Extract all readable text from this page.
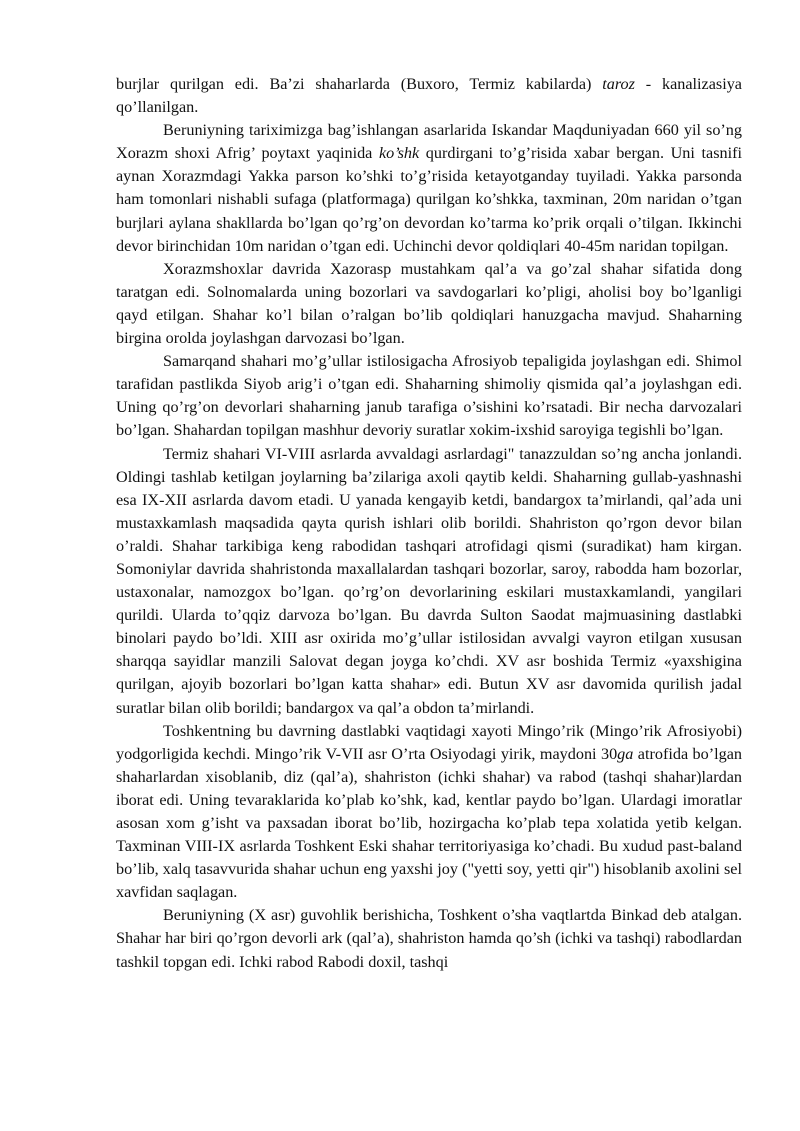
burjlar qurilgan edi. Ba’zi shaharlarda (Buxoro, Termiz kabilarda) taroz - kanalizasiya qo’llanilgan.

Beruniyning tariximizga bag’ishlangan asarlarida Iskandar Maqduniyadan 660 yil so’ng Xorazm shoxi Afrig’ poytaxt yaqinida ko’shk qurdirgani to’g’risida xabar bergan. Uni tasnifi aynan Xorazmdagi Yakka parson ko’shki to’g’risida ketayotganday tuyiladi. Yakka parsonda ham tomonlari nishabli sufaga (platformaga) qurilgan ko’shkka, taxminan, 20m naridan o’tgan burjlari aylana shakllarda bo’lgan qo’rg’on devordan ko’tarma ko’prik orqali o’tilgan. Ikkinchi devor birinchidan 10m naridan o’tgan edi. Uchinchi devor qoldiqlari 40-45m naridan topilgan.

Xorazmshoxlar davrida Xazorasp mustahkam qal’a va go’zal shahar sifatida dong taratgan edi. Solnomalarda uning bozorlari va savdogarlari ko’pligi, aholisi boy bo’lganligi qayd etilgan. Shahar ko’l bilan o’ralgan bo’lib qoldiqlari hanuzgacha mavjud. Shaharning birgina orolda joylashgan darvozasi bo’lgan.

Samarqand shahari mo’g’ullar istilosigacha Afrosiyob tepaligida joylashgan edi. Shimol tarafidan pastlikda Siyob arig’i o’tgan edi. Shaharning shimoliy qismida qal’a joylashgan edi. Uning qo’rg’on devorlari shaharning janub tarafiga o’sishini ko’rsatadi. Bir necha darvozalari bo’lgan. Shahardan topilgan mashhur devoriy suratlar xokim-ixshid saroyiga tegishli bo’lgan.

Termiz shahari VI-VIII asrlarda avvaldagi asrlardagi" tanazzuldan so’ng ancha jonlandi. Oldingi tashlab ketilgan joylarning ba’zilariga axoli qaytib keldi. Shaharning gullab-yashnashi esa IX-XII asrlarda davom etadi. U yanada kengayib ketdi, bandargox ta’mirlandi, qal’ada uni mustaxkamlash maqsadida qayta qurish ishlari olib borildi. Shahriston qo’rgon devor bilan o’raldi. Shahar tarkibiga keng rabodidan tashqari atrofidagi qismi (suradikat) ham kirgan. Somoniylar davrida shahristonda maxallalardan tashqari bozorlar, saroy, rabodda ham bozorlar, ustaxonalar, namozgox bo’lgan. qo’rg’on devorlarining eskilari mustaxkamlandi, yangilari qurildi. Ularda to’qqiz darvoza bo’lgan. Bu davrda Sulton Saodat majmuasining dastlabki binolari paydo bo’ldi. XIII asr oxirida mo’g’ullar istilosidan avvalgi vayron etilgan xususan sharqqa sayidlar manzili Salovat degan joyga ko’chdi. XV asr boshida Termiz «yaxshigina qurilgan, ajoyib bozorlari bo’lgan katta shahar» edi. Butun XV asr davomida qurilish jadal suratlar bilan olib borildi; bandargox va qal’a obdon ta’mirlandi.

Toshkentning bu davrning dastlabki vaqtidagi xayoti Mingo’rik (Mingo’rik Afrosiyobi) yodgorligida kechdi. Mingo’rik V-VII asr O’rta Osiyodagi yirik, maydoni 30ga atrofida bo’lgan shaharlardan xisoblanib, diz (qal’a), shahriston (ichki shahar) va rabod (tashqi shahar)lardan iborat edi. Uning tevaraklarida ko’plab ko’shk, kad, kentlar paydo bo’lgan. Ulardagi imoratlar asosan xom g’isht va paxsadan iborat bo’lib, hozirgacha ko’plab tepa xolatida yetib kelgan. Taxminan VIII-IX asrlarda Toshkent Eski shahar territoriyasiga ko’chadi. Bu xudud past-baland bo’lib, xalq tasavvurida shahar uchun eng yaxshi joy ("yetti soy, yetti qir") hisoblanib axolini sel xavfidan saqlagan.

Beruniyning (X asr) guvohlik berishicha, Toshkent o’sha vaqtlartda Binkad deb atalgan. Shahar har biri qo’rgon devorli ark (qal’a), shahriston hamda qo’sh (ichki va tashqi) rabodlardan tashkil topgan edi. Ichki rabod Rabodi doxil, tashqi
